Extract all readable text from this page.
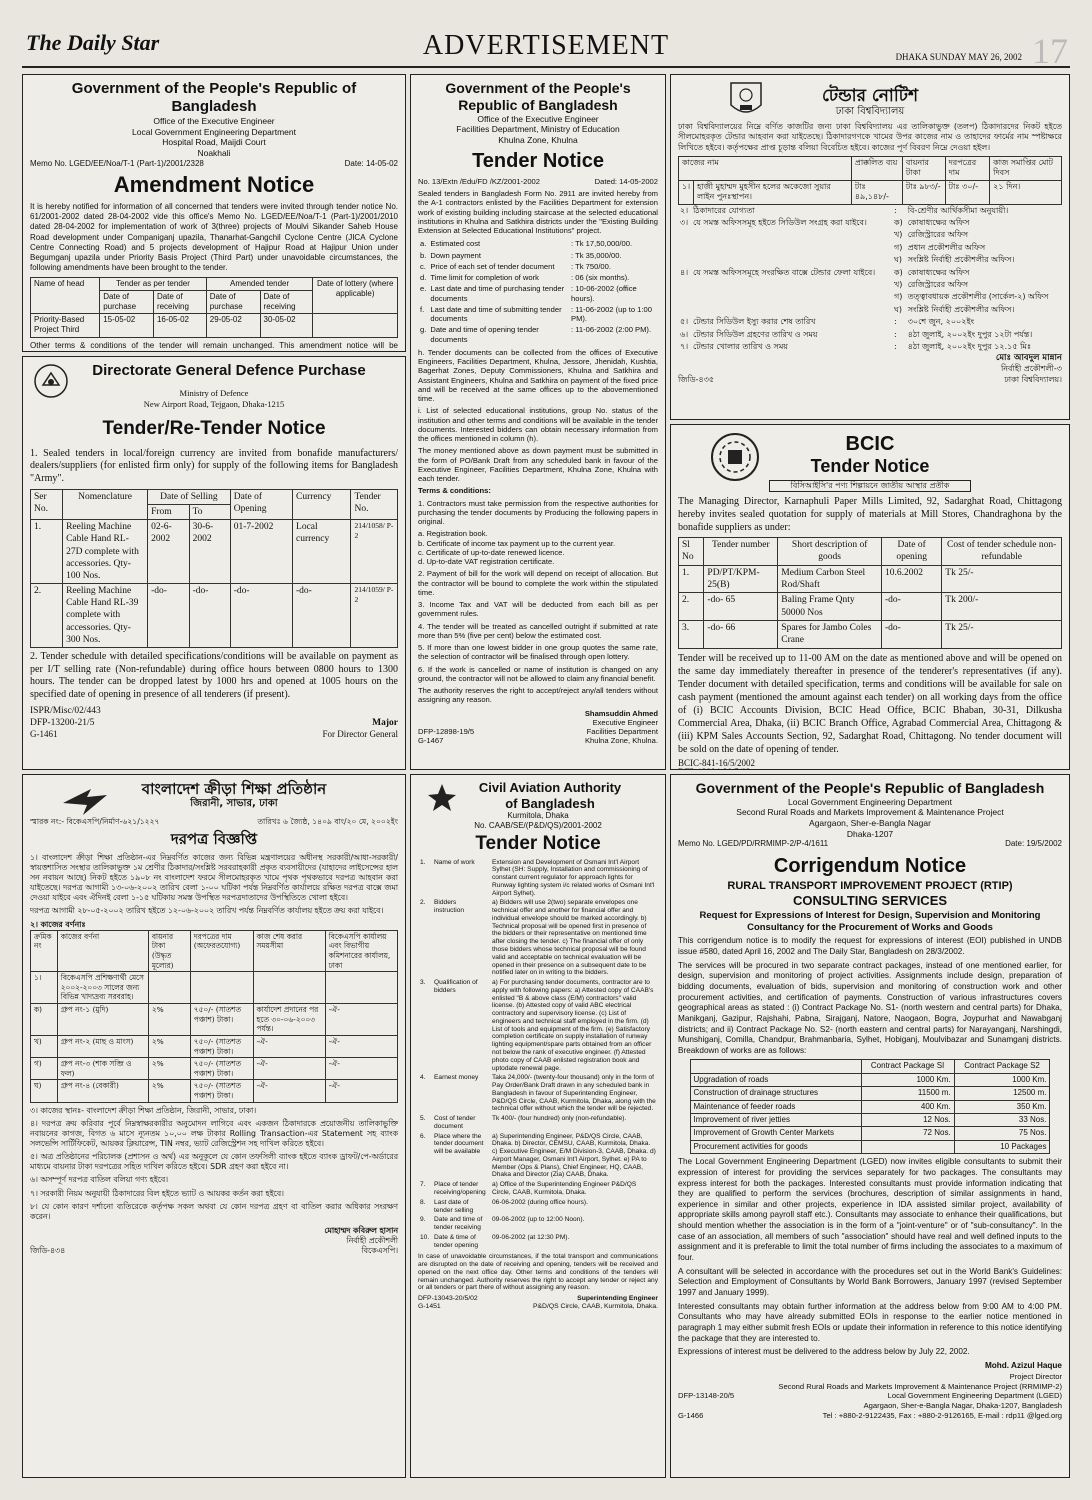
The Daily Star	ADVERTISEMENT	DHAKA SUNDAY MAY 26, 2002 17
Government of the People's Republic of Bangladesh
Office of the Executive Engineer
Local Government Engineering Department
Hospital Road, Maijdi Court
Noakhali
Memo No. LGED/EE/Noa/T-1 (Part-1)/2001/2328	Date: 14-05-02
Amendment Notice
It is hereby notified for information of all concerned that tenders were invited through tender notice No. 61/2001-2002 dated 28-04-2002 vide this office's Memo No. LGED/EE/Noa/T-1 (Part-1)/2001/2010 dated 28-04-2002 for implementation of work of 3(three) projects of Moulvi Sikander Saheb House Road development under Companiganj upazila, Thanarhat-Gangchil Cyclone Centre (JICA Cyclone Centre Connecting Road) and 5 projects development of Hajipur Road at Hajipur Union under Begumganj upazila under Priority Basis Project (Third Part) under unavoidable circumstances, the following amendments have been brought to the tender.
Name of head	Tender as per tender		Amended tender		Date of lottery (where applicable)
	Date of purchase	Date of receiving	Date of purchase	Date of receiving	
Priority-Based Project Third	15-05-02	16-05-02	29-05-02	30-05-02	
Other terms & conditions of the tender will remain unchanged. This amendment notice will be
Directorate General Defence Purchase
Ministry of Defence
New Airport Road, Tejgaon, Dhaka-1215
Tender/Re-Tender Notice
1. Sealed tenders in local/foreign currency are invited from bonafide manufacturers/ dealers/suppliers (for enlisted firm only) for supply of the following items for Bangladesh "Army".
Ser No.	Nomenclature	Date of Selling		Date of Opening	Currency	Tender No.
		From	To			
1.	Reeling Machine Cable Hand RL-27D complete with accessories. Qty-100 Nos.	02-6-2002	30-6-2002	01-7-2002	Local currency	214/1058/ P-2
2.	Reeling Machine Cable Hand RL-39 complete with accessories. Qty-300 Nos.	-do-	-do-	-do-	-do-	214/1059/ P-2
2. Tender schedule with detailed specifications/conditions will be available on payment as per I/T selling rate (Non-refundable) during office hours between 0800 hours to 1300 hours. The tender can be dropped latest by 1000 hrs and opened at 1005 hours on the specified date of opening in presence of all tenderers (if present).
ISPR/Misc/02/443
DFP-13200-21/5	Major
G-1461	For Director General
Government of the People's Republic of Bangladesh
Office of the Executive Engineer
Facilities Department, Ministry of Education
Khulna Zone, Khulna
Tender Notice
No. 13/Extn /Edu/FD /KZ/2001-2002	Dated: 14-05-2002
Sealed tenders in Bangladesh Form No. 2911 are invited hereby from the A-1 contractors enlisted by the Facilities Department for extension work of existing building including staircase at the selected educational institutions in Khulna and Satkhira districts under the "Existing Building Extension at Selected Educational Institutions" project.
a.	Estimated cost	: Tk 17,50,000/00.
b.	Down payment	: Tk 35,000/00.
c.	Price of each set of tender document	: Tk 750/00.
d.	Time limit for completion of work	: 06 (six months).
e.	Last date and time of purchasing tender documents	: 10-06-2002 (office hours).
f.	Last date and time of submitting tender documents	: 11-06-2002 (up to 1:00 PM).
g.	Date and time of opening tender documents	: 11-06-2002 (2:00 PM).
h. Tender documents can be collected from the offices of Executive Engineers, Facilities Department, Khulna, Jessore, Jhenidah, Kushtia, Bagerhat Zones, Deputy Commissioners, Khulna and Satkhira and Assistant Engineers, Khulna and Satkhira on payment of the fixed price and will be received at the same offices up to the abovementioned time.
i. List of selected educational institutions, group No. status of the institution and other terms and conditions will be available in the tender documents. Interested bidders can obtain necessary information from the offices mentioned in column (h).
The money mentioned above as down payment must be submitted in the form of PO/Bank Draft from any scheduled bank in favour of the Executive Engineer, Facilities Department, Khulna Zone, Khulna with each tender.
Terms & conditions:
1. Contractors must take permission from the respective authorities for purchasing the tender documents by Producing the following papers in original.
a. Registration book.
b. Certificate of income tax payment up to the current year.
c. Certificate of up-to-date renewed licence.
d. Up-to-date VAT registration certificate.
2. Payment of bill for the work will depend on receipt of allocation. But the contractor will be bound to complete the work within the stipulated time.
3. Income Tax and VAT will be deducted from each bill as per government rules.
4. The tender will be treated as cancelled outright if submitted at rate more than 5% (five per cent) below the estimated cost.
5. If more than one lowest bidder in one group quotes the same rate, the selection of contractor will be finalised through open lottery.
6. If the work is cancelled or name of institution is changed on any ground, the contractor will not be allowed to claim any financial benefit.
The authority reserves the right to accept/reject any/all tenders without assigning any reason.
Shamsuddin Ahmed
Executive Engineer
DFP-12898-19/5	Facilities Department
G-1467	Khulna Zone, Khulna.
টেন্ডার নোটিশ
ঢাকা বিশ্ববিদ্যালয়
ঢাকা বিশ্ববিদ্যালয়ের নিম্নে বর্ণিত কাজটির জন্য ঢাকা বিশ্ববিদ্যালয় এর তালিকাভুক্ত (তলপ) ঠিকাদারদের নিকট হইতে সীলমোহরকৃত টেন্ডার আহবান করা যাইতেছে। ঠিকাদারগণকে খামের উপর কাজের নাম ও তাহাদের ফার্মের নাম স্পষ্টাক্ষরে লিখিতে হইবে। কর্তৃপক্ষের প্রাপ্ত চূড়ান্ত বলিয়া বিবেচিত হইবে। কাজের পূর্ণ বিবরণ নিম্নে দেওয়া হইল।
কাজের নাম		প্রাক্কলিত ব্যয়	বায়নার টাকা	দরপত্রের দাম	কাজ সমাপ্তির মোট দিবস
১।	হাজী মুহাম্মদ মুহসীন হলের অকেজো সুয়ার লাইন পুনঃস্থাপন।	টাঃ ৪৯,১৪৮/-	টাঃ ৯৮৩/-	টাঃ ৩০/-	২১ দিন।
২।	ঠিকাদারের যোগ্যতা	:	বি-শ্রেণীর আর্থিকসীমা অনুযায়ী।
৩।	যে সমস্ত অফিসসমূহ হইতে সিডিউল সংগ্রহ করা যাইবে।	ক)	কোষাধ্যক্ষের অফিস
		খ)	রেজিস্ট্রারের অফিস
		গ)	প্রধান প্রকৌশলীর অফিস
		ঘ)	সংশ্লিষ্ট নির্বাহী প্রকৌশলীর অফিস।
৪।	যে সমস্ত অফিসসমূহে সংরক্ষিত বাক্সে টেন্ডার ফেলা যাইবে।	ক)	কোষাধ্যক্ষের অফিস
		খ)	রেজিস্ট্রারের অফিস
		গ)	তত্ত্বাবধায়ক প্রকৌশলীর (সার্কেল-২) অফিস
		ঘ)	সংশ্লিষ্ট নির্বাহী প্রকৌশলীর অফিস।
৫।	টেন্ডার সিডিউল ইস্যু করার শেষ তারিখ	:	৩০শে জুন, ২০০২ইং
৬।	টেন্ডার সিডিউল গ্রহণের তারিখ ও সময়	:	৪ঠা জুলাই, ২০০২ইং দুপুর ১২টা পর্যন্ত।
৭।	টেন্ডার খোলার তারিখ ও সময়	:	৪ঠা জুলাই, ২০০২ইং দুপুর ১২.১৫ মিঃ
মোঃ আবদুল মান্নান
নির্বাহী প্রকৌশলী-৩
জিডি-৪৩৫	ঢাকা বিশ্ববিদ্যালয়।
BCIC
Tender Notice
বিসিআইসি'র পণ্য শিল্পায়নে জাতীয় আস্থার প্রতীক
The Managing Director, Karnaphuli Paper Mills Limited, 92, Sadarghat Road, Chittagong hereby invites sealed quotation for supply of materials at Mill Stores, Chandraghona by the bonafide suppliers as under:
Sl No	Tender number	Short description of goods	Date of opening	Cost of tender schedule non-refundable
1.	PD/PT/KPM-25(B)	Medium Carbon Steel Rod/Shaft	10.6.2002	Tk 25/-
2.	-do- 65	Baling Frame Qnty 50000 Nos	-do-	Tk 200/-
3.	-do- 66	Spares for Jambo Coles Crane	-do-	Tk 25/-
Tender will be received up to 11-00 AM on the date as mentioned above and will be opened on the same day immediately thereafter in presence of the tenderer's representatives (if any). Tender document with detailed specification, terms and conditions will be available for sale on cash payment (mentioned the amount against each tender) on all working days from the office of (i) BCIC Accounts Division, BCIC Head Office, BCIC Bhaban, 30-31, Dilkusha Commercial Area, Dhaka, (ii) BCIC Branch Office, Agrabad Commercial Area, Chittagong & (iii) KPM Sales Accounts Section, 92, Sadarghat Road, Chittagong. No tender document will be sold on the date of opening of tender.
BCIC-841-16/5/2002
বাংলাদেশ ক্রীড়া শিক্ষা প্রতিষ্ঠান
জিরানী, সাভার, ঢাকা
স্মারক নং:- বিকেএসপি/নির্মাণ-৬২১/১২২৭	তারিখঃ ৬ জ্যৈষ্ঠ, ১৪০৯ বাং/২০ মে, ২০০২ইং
দরপত্র বিজ্ঞপ্তি
১। বাংলাদেশ ক্রীড়া শিক্ষা প্রতিষ্ঠান-এর নিম্নবর্ণিত কাজের জন্য বিভিন্ন মন্ত্রণালয়ের অধীনস্থ সরকারী/আধা-সরকারী/স্বায়ত্তশাসিত সংস্থার তালিকাভুক্ত ১ম শ্রেণীর ঠিকাদার/সংশ্লিষ্ট সরবরাহকারী প্রকৃত ব্যবসায়ীদের (যাহাদের লাইসেন্সের হাল সন নবায়ন আছে) নিকট হইতে ১৯০৮ নং বাংলাদেশ ফরমে সীলমোহরকৃত খামে পৃথক পৃথকভাবে দরপত্র আহবান করা যাইতেছে। দরপত্র আগামী ১৩-০৬-২০০২ তারিখ বেলা ১-০০ ঘটিকা পর্যন্ত নিম্নবর্ণিত কার্যালয়ে রক্ষিত দরপত্র বাক্সে জমা দেওয়া যাইবে এবং ঐদিনই বেলা ১-১৫ ঘটিকায় সমস্ত উপস্থিত দরপত্রদাতাদের উপস্থিতিতে খোলা হইবে।
দরপত্র আগামী ২৮-০৫-২০০২ তারিখ হইতে ১২-০৬-২০০২ তারিখ পর্যন্ত নিম্নবর্ণিত কার্যালয় হইতে ক্রয় করা যাইবে।
২। কাজের বর্ণনাঃ
ক্রমিক নং	কাজের বর্ণনা	বায়নার টাকা (উদ্ধৃত মূল্যের)	দরপত্রের দাম (অফেরতযোগ্য)	কাজ শেষ করার সময়সীমা	বিকেএসপি কার্যালয় এবং বিভাগীয় কমিশনারের কার্যালয়, ঢাকা
১।	বিকেএসপি প্রশিক্ষণার্থী মেসে ২০০২-২০০৩ সালের জন্য বিভিন্ন খাদ্যদ্রব্য সরবরাহ।				
ক)	গ্রুপ নং-১ (মুদি)	২%	৭৫০/- (সাতশত পঞ্চাশ) টাকা।	কার্যাদেশ প্রদানের পর হতে ৩০-০৬-২০০৩ পর্যন্ত।	-ঐ-
খ)	গ্রুপ নং-২ (মাছ ও মাংস)	২%	৭৫০/- (সাতশত পঞ্চাশ) টাকা।	-ঐ-	-ঐ-
গ)	গ্রুপ নং-৩ (শাক সব্জি ও ফল)	২%	৭৫০/- (সাতশত পঞ্চাশ) টাকা।	-ঐ-	-ঐ-
ঘ)	গ্রুপ নং-৪ (বেকারী)	২%	৭৫০/- (সাতশত পঞ্চাশ) টাকা।	-ঐ-	-ঐ-
৩। কাজের স্থানঃ- বাংলাদেশ ক্রীড়া শিক্ষা প্রতিষ্ঠান, জিরানী, সাভার, ঢাকা।
৪। দরপত্র ক্রয় করিবার পূর্বে নিম্নস্বাক্ষরকারীর অনুমোদন লাগিবে এবং একজন ঠিকাদারকে প্রয়োজনীয় তালিকাভুক্তি নবায়নের কাগজ, বিগত ৬ মাসে ন্যূনতম ১০,০০ লক্ষ টাকার Rolling Transaction-এর Statement সহ ব্যাংক সলভেন্সি সার্টিফিকেট, আয়কর ক্লিয়ারেন্স, TIN নম্বর, ভ্যাট রেজিস্ট্রেশন সহ দাখিল করিতে হইবে।
৫। অত্র প্রতিষ্ঠানের পরিচালক (প্রশাসন ও অর্থ) এর অনুকূলে যে কোন তফসিলী ব্যাংক হইতে ব্যাংক ড্রাফট/পে-অর্ডারের মাধ্যমে বায়নার টাকা দরপত্রের সহিত দাখিল করিতে হইবে। SDR গ্রহণ করা হইবে না।
৬। অসম্পূর্ণ দরপত্র বাতিল বলিয়া গণ্য হইবে।
৭। সরকারী নিয়ম অনুযায়ী ঠিকাদারের বিল হইতে ভ্যাট ও আয়কর কর্তন করা হইবে।
৮। যে কোন কারণ দর্শানো ব্যতিরেকে কর্তৃপক্ষ সকল অথবা যে কোন দরপত্র গ্রহণ বা বাতিল করার অধিকার সংরক্ষণ করেন।
মোহাম্মদ কবিরুল হাসান
নির্বাহী প্রকৌশলী
জিডি-৪৩৪	বিকেএসপি।
Civil Aviation Authority
of Bangladesh
Kurmitola, Dhaka
No. CAAB/SE/(P&D/QS)/2001-2002
Tender Notice
1.	Name of work	Extension and Development of Osmani Int'l Airport Sylhet (SH: Supply, Installation and commissioning of constant current regulator for approach lights for Runway lighting system i/c related works of Osmani Int'l Airport Sylhet).
2.	Bidders instruction	a) Bidders will use 2(two) separate envelopes one technical offer and another for financial offer and individual envelope should be marked accordingly. b) Technical proposal will be opened first in presence of the bidders or their representative on mentioned time after closing the tender. c) The financial offer of only those bidders whose technical proposal will be found valid and acceptable on technical evaluation will be opened in their presence on a subsequent date to be notified later on in writing to the bidders.
3.	Qualification of bidders	a) For purchasing tender documents, contractor are to apply with following papers: a) Attested copy of CAAB's enlisted "B & above class (E/M) contractors" valid license. (b) Attested copy of valid ABC electrical contractory and supervisory license. (c) List of engineers and technical staff employed in the firm. (d) List of tools and equipment of the firm. (e) Satisfactory completion certificate on supply installation of runway lighting equipment/spare parts obtained from an officer not below the rank of executive engineer. (f) Attested photo copy of CAAB enlisted registration book and uptodate renewal page.
4.	Earnest money	Taka 24,000/- (twenty-four thousand) only in the form of Pay Order/Bank Draft drawn in any scheduled bank in Bangladesh in favour of Superintending Engineer, P&D/QS Circle, CAAB, Kurmitola, Dhaka, along with the technical offer without which the tender will be rejected.
5.	Cost of tender document	Tk 400/- (four hundred) only (non-refundable).
6.	Place where the tender document will be available	a) Superintending Engineer, P&D/QS Circle, CAAB, Dhaka. b) Director, CEMSU, CAAB, Kurmitola, Dhaka. c) Executive Engineer, E/M Division-3, CAAB, Dhaka. d) Airport Manager, Osmani Int'l Airport, Sylhet. e) PA to Member (Ops & Plans), Chief Engineer, HQ, CAAB, Dhaka and Director (Zia) CAAB, Dhaka.
7.	Place of tender receiving/opening	a) Office of the Superintending Engineer P&D/QS Circle, CAAB, Kurmitola, Dhaka.
8.	Last date of tender selling	06-06-2002 (during office hours).
9.	Date and time of tender receiving	09-06-2002 (up to 12:00 Noon).
10.	Date & time of tender opening	09-06-2002 (at 12:30 PM).
In case of unavoidable circumstances, if the total transport and communications are disrupted on the date of receiving and opening, tenders will be received and opened on the next office day. Other terms and conditions of the tenders will remain unchanged. Authority reserves the right to accept any tender or reject any or all tenders or part there of without assigning any reason.
DFP-13043-20/5/02	Superintending Engineer
G-1451	P&D/QS Circle, CAAB, Kurmitola, Dhaka.
Government of the People's Republic of Bangladesh
Local Government Engineering Department
Second Rural Roads and Markets Improvement & Maintenance Project
Agargaon, Sher-e-Bangla Nagar
Dhaka-1207
Memo No. LGED/PD/RRMIMP-2/P-4/1611	Date: 19/5/2002
Corrigendum Notice
RURAL TRANSPORT IMPROVEMENT PROJECT (RTIP)
CONSULTING SERVICES
Request for Expressions of Interest for Design, Supervision and Monitoring Consultancy for the Procurement of Works and Goods
This corrigendum notice is to modify the request for expressions of interest (EOI) published in UNDB issue #580, dated April 16, 2002 and The Daily Star, Bangladesh on 28/3/2002.
The services will be procured in two separate contract packages, instead of one mentioned earlier, for design, supervision and monitoring of project activities. Assignments include design, preparation of bidding documents, evaluation of bids, supervision and monitoring of construction work and other procurement activities, and certification of payments. Construction of various infrastructures covers geographical areas as stated : (i) Contract Package No. S1- (north western and central parts) for Dhaka, Manikganj, Gazipur, Rajshahi, Pabna, Sirajganj, Natore, Naogaon, Bogra, Joypurhat and Nawabganj districts; and ii) Contract Package No. S2- (north eastern and central parts) for Narayanganj, Narshingdi, Munshiganj, Comilla, Chandpur, Brahmanbaria, Sylhet, Hobiganj, Moulvibazar and Sunamganj districts. Breakdown of works are as follows:
	Contract Package SI	Contract Package S2
Upgradation of roads	1000 Km.	1000 Km.
Construction of drainage structures	11500 m.	12500 m.
Maintenance of feeder roads	400 Km.	350 Km.
Improvement of river jetties	12 Nos.	33 Nos.
Improvement of Growth Center Markets	72 Nos.	75 Nos.
Procurement activities for goods		10 Packages
The Local Government Engineering Department (LGED) now invites eligible consultants to submit their expression of interest for providing the services separately for two packages. The consultants may express interest for both the packages. Interested consultants must provide information indicating that they are qualified to perform the services (brochures, description of similar assignments in hand, experience in similar and other projects, experience in IDA assisted similar project, availability of appropriate skills among payroll staff etc.). Consultants may associate to enhance their qualifications, but should mention whether the association is in the form of a "joint-venture" or of "sub-consultancy". In the case of an association, all members of such "association" should have real and well defined inputs to the assignment and it is preferable to limit the total number of firms including the associates to a maximum of four.
A consultant will be selected in accordance with the procedures set out in the World Bank's Guidelines: Selection and Employment of Consultants by World Bank Borrowers, January 1997 (revised September 1997 and January 1999).
Interested consultants may obtain further information at the address below from 9:00 AM to 4:00 PM. Consultants who may have already submitted EOIs in response to the earlier notice mentioned in paragraph 1 may either submit fresh EOIs or update their information in reference to this notice identifying the package that they are interested to.
Expressions of interest must be delivered to the address below by July 22, 2002.
Mohd. Azizul Haque
Project Director
Second Rural Roads and Markets Improvement & Maintenance Project (RRMIMP-2)
DFP-13148-20/5	Local Government Engineering Department (LGED)
Agargaon, Sher-e-Bangla Nagar, Dhaka-1207, Bangladesh
G-1466	Tel : +880-2-9122435, Fax : +880-2-9126165, E-mail : rdp11 @lged.org
